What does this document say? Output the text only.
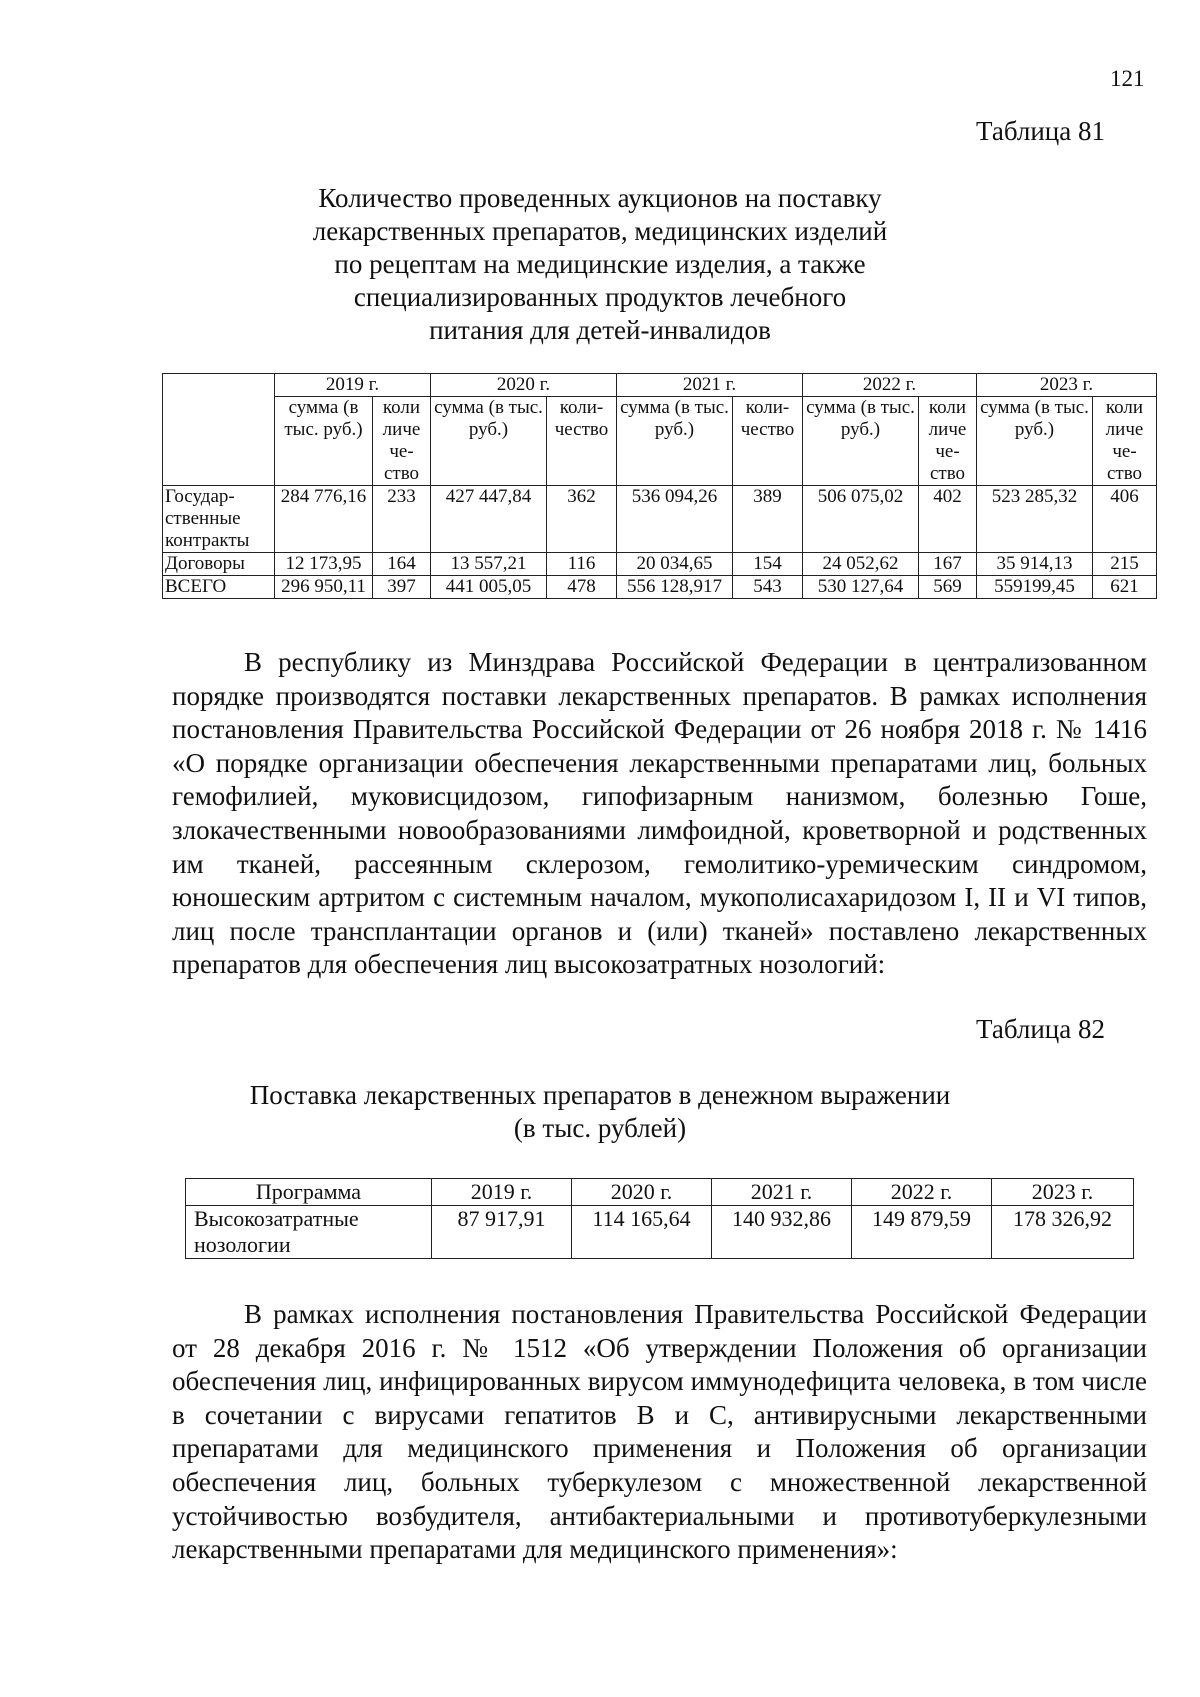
121
Таблица 81
Количество проведенных аукционов на поставку
лекарственных препаратов, медицинских изделий
по рецептам на медицинские изделия, а также
специализированных продуктов лечебного
питания для детей-инвалидов
	2019 г.		2020 г.		2021 г.		2022 г.		2023 г.	
	сумма (в тыс. руб.)	коли личе че-ство	сумма (в тыс. руб.)	коли-чество	сумма (в тыс. руб.)	коли-чество	сумма (в тыс. руб.)	коли личе че-ство	сумма (в тыс. руб.)	коли личе че-ство
Государ-ственные контракты	284 776,16	233	427 447,84	362	536 094,26	389	506 075,02	402	523 285,32	406
Договоры	12 173,95	164	13 557,21	116	20 034,65	154	24 052,62	167	35 914,13	215
ВСЕГО	296 950,11	397	441 005,05	478	556 128,917	543	530 127,64	569	559199,45	621

В республику из Минздрава Российской Федерации в централизованном порядке производятся поставки лекарственных препаратов. В рамках исполнения постановления Правительства Российской Федерации от 26 ноября 2018 г. № 1416 «О порядке организации обеспечения лекарственными препаратами лиц, больных гемофилией, муковисцидозом, гипофизарным нанизмом, болезнью Гоше, злокачественными новообразованиями лимфоидной, кроветворной и родственных им тканей, рассеянным склерозом, гемолитико-уремическим синдромом, юношеским артритом с системным началом, мукополисахаридозом I, II и VI типов, лиц после трансплантации органов и (или) тканей» поставлено лекарственных препаратов для обеспечения лиц высокозатратных нозологий:

Таблица 82
Поставка лекарственных препаратов в денежном выражении
(в тыс. рублей)
Программа	2019 г.	2020 г.	2021 г.	2022 г.	2023 г.
Высокозатратные нозологии	87 917,91	114 165,64	140 932,86	149 879,59	178 326,92

В рамках исполнения постановления Правительства Российской Федерации от 28 декабря 2016 г. № 1512 «Об утверждении Положения об организации обеспечения лиц, инфицированных вирусом иммунодефицита человека, в том числе в сочетании с вирусами гепатитов B и C, антивирусными лекарственными препаратами для медицинского применения и Положения об организации обеспечения лиц, больных туберкулезом с множественной лекарственной устойчивостью возбудителя, антибактериальными и противотуберкулезными лекарственными препаратами для медицинского применения»:
